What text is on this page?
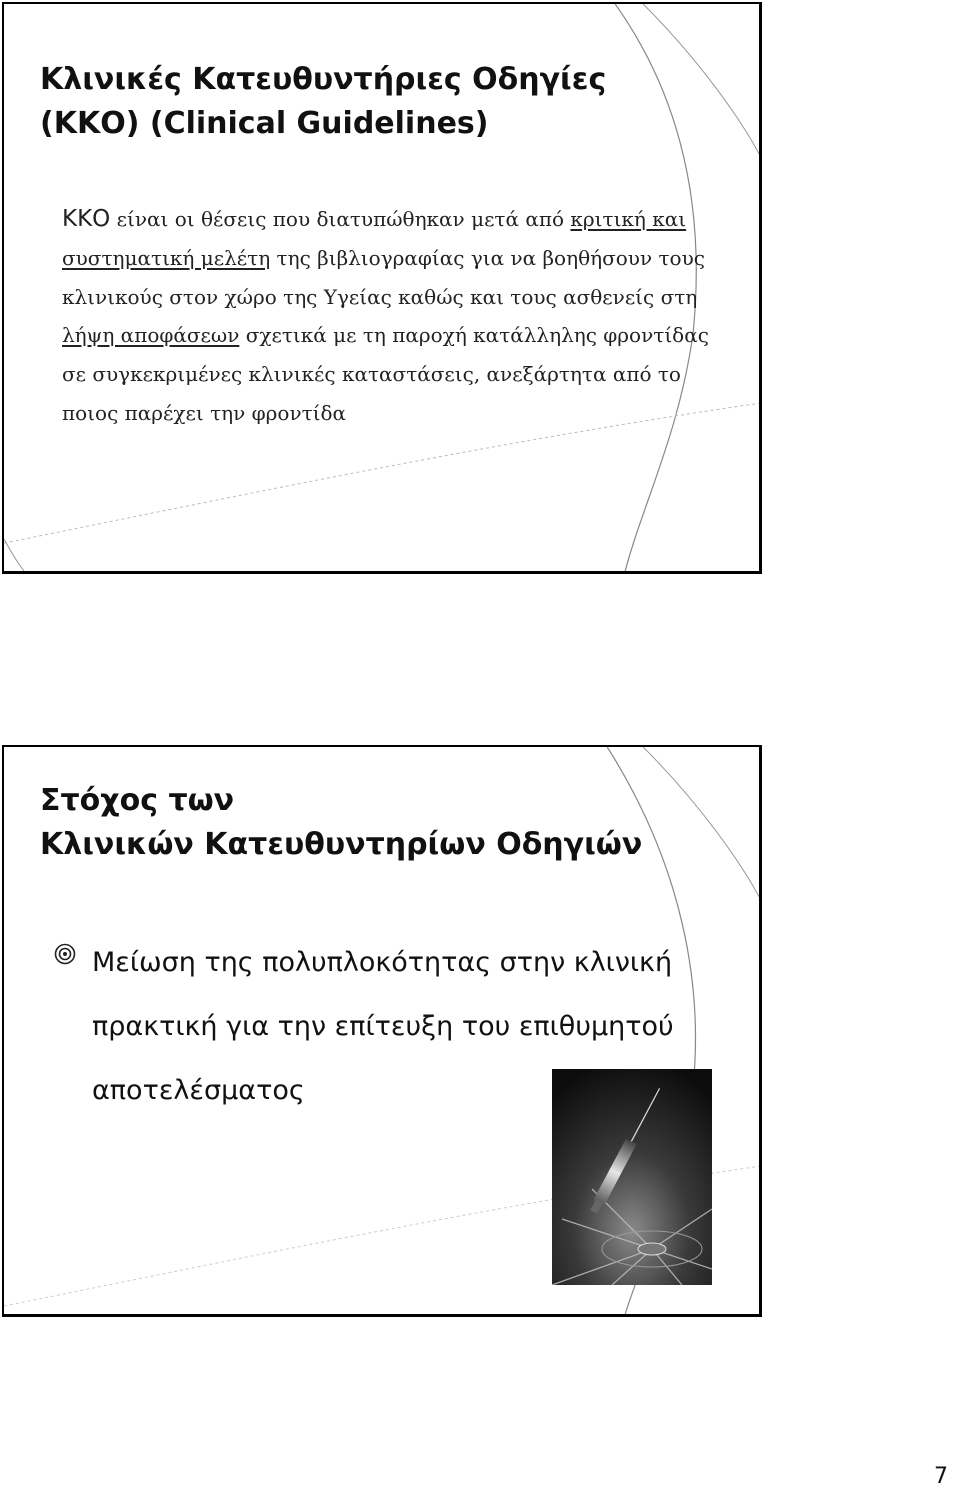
Κλινικές Κατευθυντήριες Οδηγίες
(ΚΚΟ) (Clinical Guidelines)

ΚΚΟ είναι οι θέσεις που διατυπώθηκαν μετά από κριτική και συστηματική μελέτη της βιβλιογραφίας για να βοηθήσουν τους κλινικούς στον χώρο της Υγείας καθώς και τους ασθενείς στη λήψη αποφάσεων σχετικά με τη παροχή κατάλληλης φροντίδας σε συγκεκριμένες κλινικές καταστάσεις, ανεξάρτητα από το ποιος παρέχει την φροντίδα

Στόχος των
Κλινικών Κατευθυντηρίων Οδηγιών

Μείωση της πολυπλοκότητας στην κλινική πρακτική για την επίτευξη του επιθυμητού αποτελέσματος

7
